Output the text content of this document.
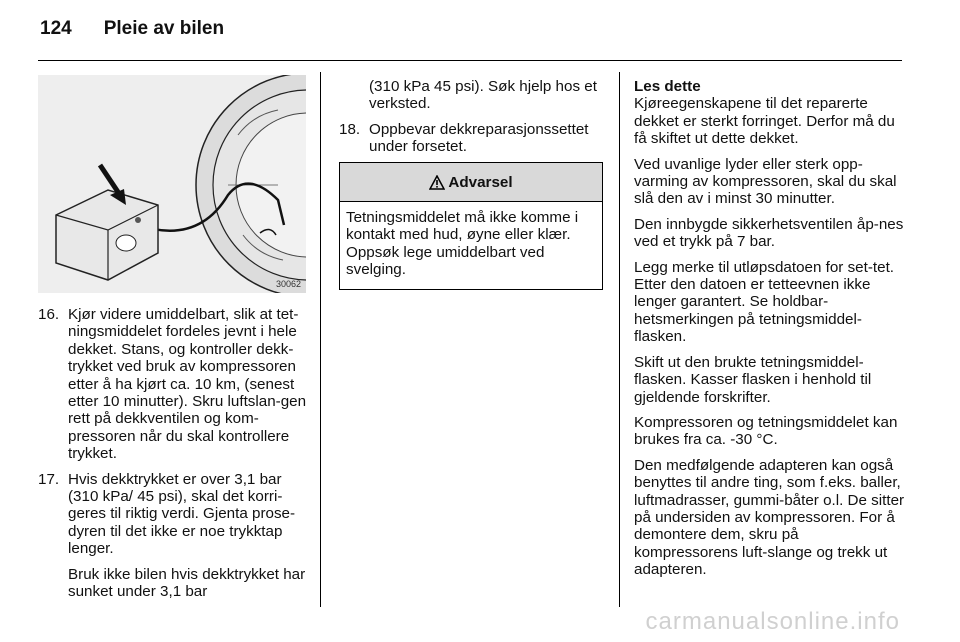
124 Pleie av bilen
30062
16. Kjør videre umiddelbart, slik at tet-ningsmiddelet fordeles jevnt i hele dekket. Stans, og kontroller dekk-trykket ved bruk av kompressoren etter å ha kjørt ca. 10 km, (senest etter 10 minutter). Skru luftslan-gen rett på dekkventilen og kom-pressoren når du skal kontrollere trykket.

17. Hvis dekktrykket er over 3,1 bar (310 kPa/ 45 psi), skal det korri-geres til riktig verdi. Gjenta prose-dyren til det ikke er noe trykktap lenger.

Bruk ikke bilen hvis dekktrykket har sunket under 3,1 bar

(310 kPa 45 psi). Søk hjelp hos et verksted.

18. Oppbevar dekkreparasjonssettet under forsetet.

Advarsel
Tetningsmiddelet må ikke komme i kontakt med hud, øyne eller klær. Oppsøk lege umiddelbart ved svelging.
Les dette

Kjøreegenskapene til det reparerte dekket er sterkt forringet. Derfor må du få skiftet ut dette dekket.

Ved uvanlige lyder eller sterk opp-varming av kompressoren, skal du skal slå den av i minst 30 minutter.

Den innbygde sikkerhetsventilen åp-nes ved et trykk på 7 bar.

Legg merke til utløpsdatoen for set-tet. Etter den datoen er tetteevnen ikke lenger garantert. Se holdbar-hetsmerkingen på tetningsmiddel-flasken.

Skift ut den brukte tetningsmiddel-flasken. Kasser flasken i henhold til gjeldende forskrifter.

Kompressoren og tetningsmiddelet kan brukes fra ca. -30 °C.

Den medfølgende adapteren kan også benyttes til andre ting, som f.eks. baller, luftmadrasser, gummi-båter o.l. De sitter på undersiden av kompressoren. For å demontere dem, skru på kompressorens luft-slange og trekk ut adapteren.

carmanualsonline.info
